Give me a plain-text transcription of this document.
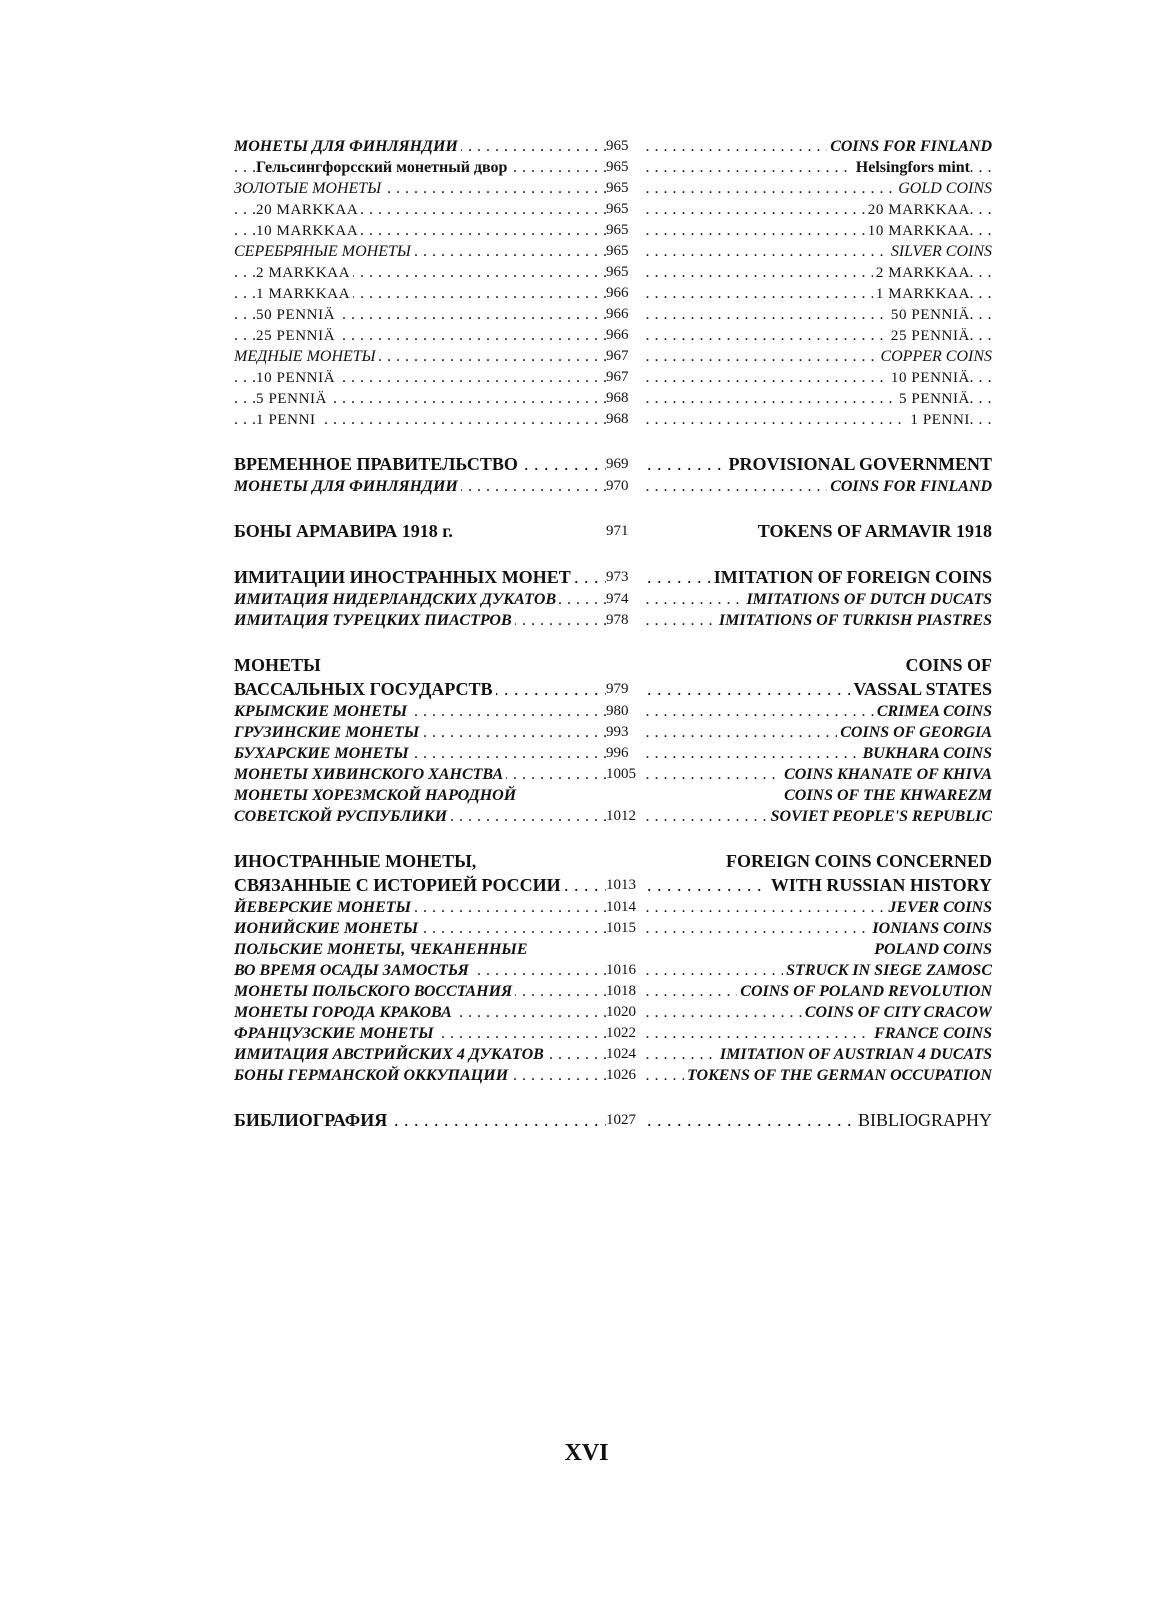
МОНЕТЫ ДЛЯ ФИНЛЯНДИИ . . .	965	. . . COINS FOR FINLAND
Гельсингфорсский монетный двор . . .	965	. . . Helsingfors mint
ЗОЛОТЫЕ МОНЕТЫ . . .	965	. . . GOLD COINS
20 MARKKAA . . .	965	. . . 20 MARKKAA
10 MARKKAA . . .	965	. . . 10 MARKKAA
СЕРЕБРЯНЫЕ МОНЕТЫ . . .	965	. . . SILVER COINS
2 MARKKAA . . .	965	. . . 2 MARKKAA
1 MARKKAA . . .	966	. . . 1 MARKKAA
50 PENNIÄ . . .	966	. . . 50 PENNIÄ
25 PENNIÄ . . .	966	. . . 25 PENNIÄ
МЕДНЫЕ МОНЕТЫ . . .	967	. . . COPPER COINS
10 PENNIÄ . . .	967	. . . 10 PENNIÄ
5 PENNIÄ . . .	968	. . . 5 PENNIÄ
1 PENNI . . .	968	. . . 1 PENNI
ВРЕМЕННОЕ ПРАВИТЕЛЬСТВО . . .	969	. . . PROVISIONAL GOVERNMENT
МОНЕТЫ ДЛЯ ФИНЛЯНДИИ . . .	970	. . . COINS FOR FINLAND
БОНЫ АРМАВИРА 1918 г.	971	TOKENS OF ARMAVIR 1918
ИМИТАЦИИ ИНОСТРАННЫХ МОНЕТ . . .	973	. . . IMITATION OF FOREIGN COINS
ИМИТАЦИЯ НИДЕРЛАНДСКИХ ДУКАТОВ . . .	974	. . . IMITATIONS OF DUTCH DUCATS
ИМИТАЦИЯ ТУРЕЦКИХ ПИАСТРОВ . . .	978	. . . IMITATIONS OF TURKISH PIASTRES
МОНЕТЫ	COINS OF
ВАССАЛЬНЫХ ГОСУДАРСТВ . . .	979	. . . VASSAL STATES
КРЫМСКИЕ МОНЕТЫ . . .	980	. . . CRIMEA COINS
ГРУЗИНСКИЕ МОНЕТЫ . . .	993	. . . COINS OF GEORGIA
БУХАРСКИЕ МОНЕТЫ . . .	996	. . . BUKHARA COINS
МОНЕТЫ ХИВИНСКОГО ХАНСТВА . . .	1005	. . . COINS KHANATE OF KHIVA
МОНЕТЫ ХОРЕЗМСКОЙ НАРОДНОЙ	COINS OF THE KHWAREZM
СОВЕТСКОЙ РУСПУБЛИКИ . . .	1012	. . . SOVIET PEOPLE'S REPUBLIC
ИНОСТРАННЫЕ МОНЕТЫ,	FOREIGN COINS CONCERNED
СВЯЗАННЫЕ С ИСТОРИЕЙ РОССИИ . . .	1013	. . . WITH RUSSIAN HISTORY
ЙЕВЕРСКИЕ МОНЕТЫ . . .	1014	. . . JEVER COINS
ИОНИЙСКИЕ МОНЕТЫ . . .	1015	. . . IONIANS COINS
ПОЛЬСКИЕ МОНЕТЫ, ЧЕКАНЕННЫЕ	POLAND COINS
ВО ВРЕМЯ ОСАДЫ ЗАМОСТЬЯ . . .	1016	. . . STRUCK IN SIEGE ZAMOSC
МОНЕТЫ ПОЛЬСКОГО ВОССТАНИЯ . . .	1018	. . . COINS OF POLAND REVOLUTION
МОНЕТЫ ГОРОДА КРАКОВА . . .	1020	. . . COINS OF CITY CRACOW
ФРАНЦУЗСКИЕ МОНЕТЫ . . .	1022	. . . FRANCE COINS
ИМИТАЦИЯ АВСТРИЙСКИХ 4 ДУКАТОВ . . .	1024	. . . IMITATION OF AUSTRIAN 4 DUCATS
БОНЫ ГЕРМАНСКОЙ ОККУПАЦИИ . . .	1026	. . . TOKENS OF THE GERMAN OCCUPATION
БИБЛИОГРАФИЯ . . .	1027	. . . BIBLIOGRAPHY
XVI
